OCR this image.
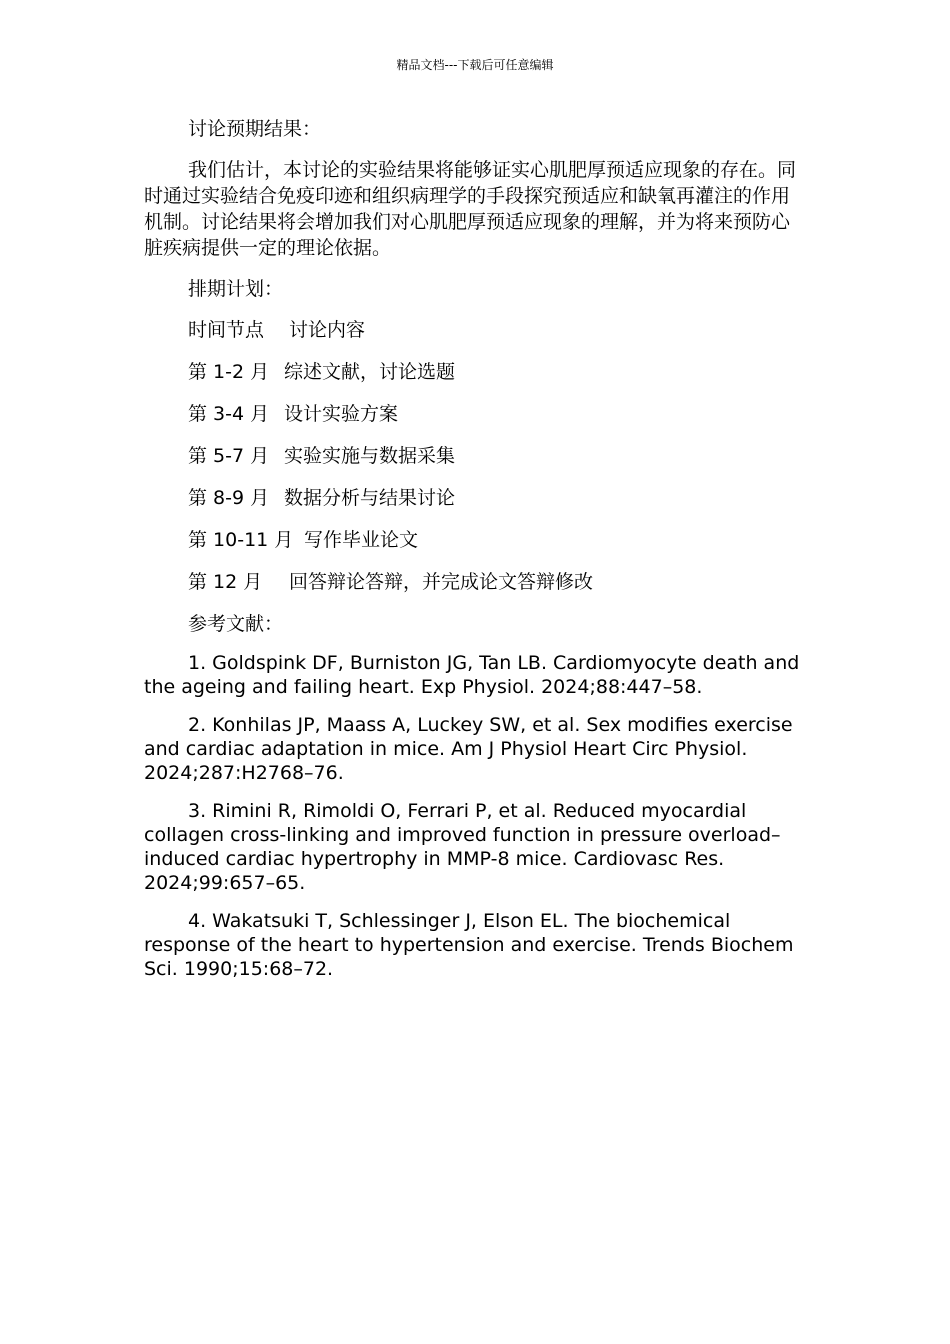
精品文档---下载后可任意编辑

讨论预期结果：

我们估计，本讨论的实验结果将能够证实心肌肥厚预适应现象的存在。同时通过实验结合免疫印迹和组织病理学的手段探究预适应和缺氧再灌注的作用机制。讨论结果将会增加我们对心肌肥厚预适应现象的理解，并为将来预防心脏疾病提供一定的理论依据。

排期计划：

时间节点 讨论内容
第 1-2 月 综述文献，讨论选题
第 3-4 月 设计实验方案
第 5-7 月 实验实施与数据采集
第 8-9 月 数据分析与结果讨论
第 10-11 月 写作毕业论文
第 12 月 回答辩论答辩，并完成论文答辩修改

参考文献：

1. Goldspink DF, Burniston JG, Tan LB. Cardiomyocyte death and the ageing and failing heart. Exp Physiol. 2024;88:447–58.

2. Konhilas JP, Maass A, Luckey SW, et al. Sex modifies exercise and cardiac adaptation in mice. Am J Physiol Heart Circ Physiol. 2024;287:H2768–76.

3. Rimini R, Rimoldi O, Ferrari P, et al. Reduced myocardial collagen cross-linking and improved function in pressure overload–induced cardiac hypertrophy in MMP-8 mice. Cardiovasc Res. 2024;99:657–65.

4. Wakatsuki T, Schlessinger J, Elson EL. The biochemical response of the heart to hypertension and exercise. Trends Biochem Sci. 1990;15:68–72.
